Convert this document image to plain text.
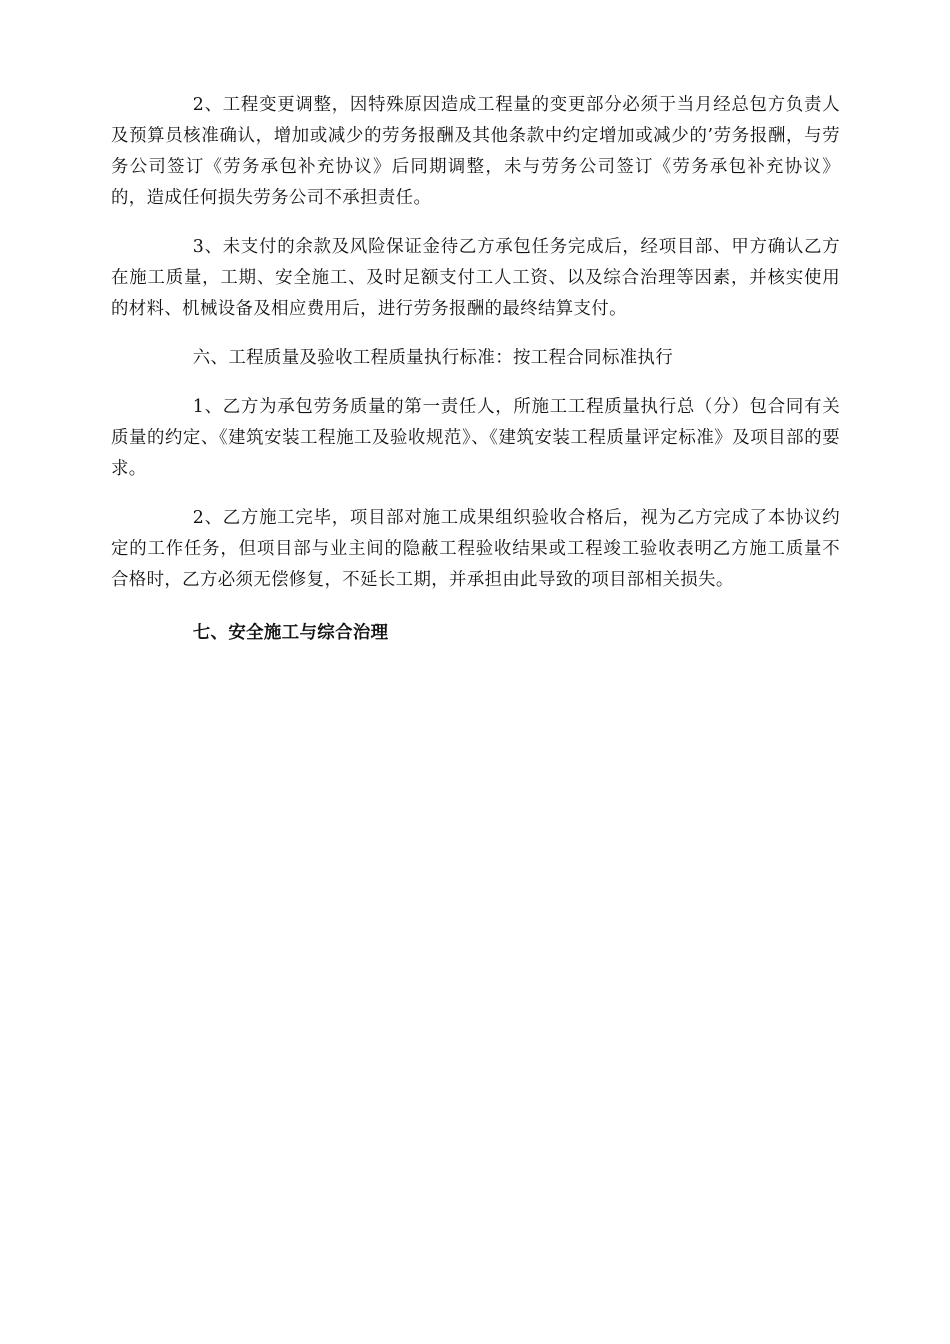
2、工程变更调整，因特殊原因造成工程量的变更部分必须于当月经总包方负责人及预算员核准确认，增加或减少的劳务报酬及其他条款中约定增加或减少的’劳务报酬，与劳务公司签订《劳务承包补充协议》后同期调整，未与劳务公司签订《劳务承包补充协议》的，造成任何损失劳务公司不承担责任。

3、未支付的余款及风险保证金待乙方承包任务完成后，经项目部、甲方确认乙方在施工质量，工期、安全施工、及时足额支付工人工资、以及综合治理等因素，并核实使用的材料、机械设备及相应费用后，进行劳务报酬的最终结算支付。

六、工程质量及验收工程质量执行标准：按工程合同标准执行

1、乙方为承包劳务质量的第一责任人，所施工工程质量执行总（分）包合同有关质量的约定、《建筑安装工程施工及验收规范》、《建筑安装工程质量评定标准》及项目部的要求。

2、乙方施工完毕，项目部对施工成果组织验收合格后，视为乙方完成了本协议约定的工作任务，但项目部与业主间的隐蔽工程验收结果或工程竣工验收表明乙方施工质量不合格时，乙方必须无偿修复，不延长工期，并承担由此导致的项目部相关损失。

七、安全施工与综合治理
